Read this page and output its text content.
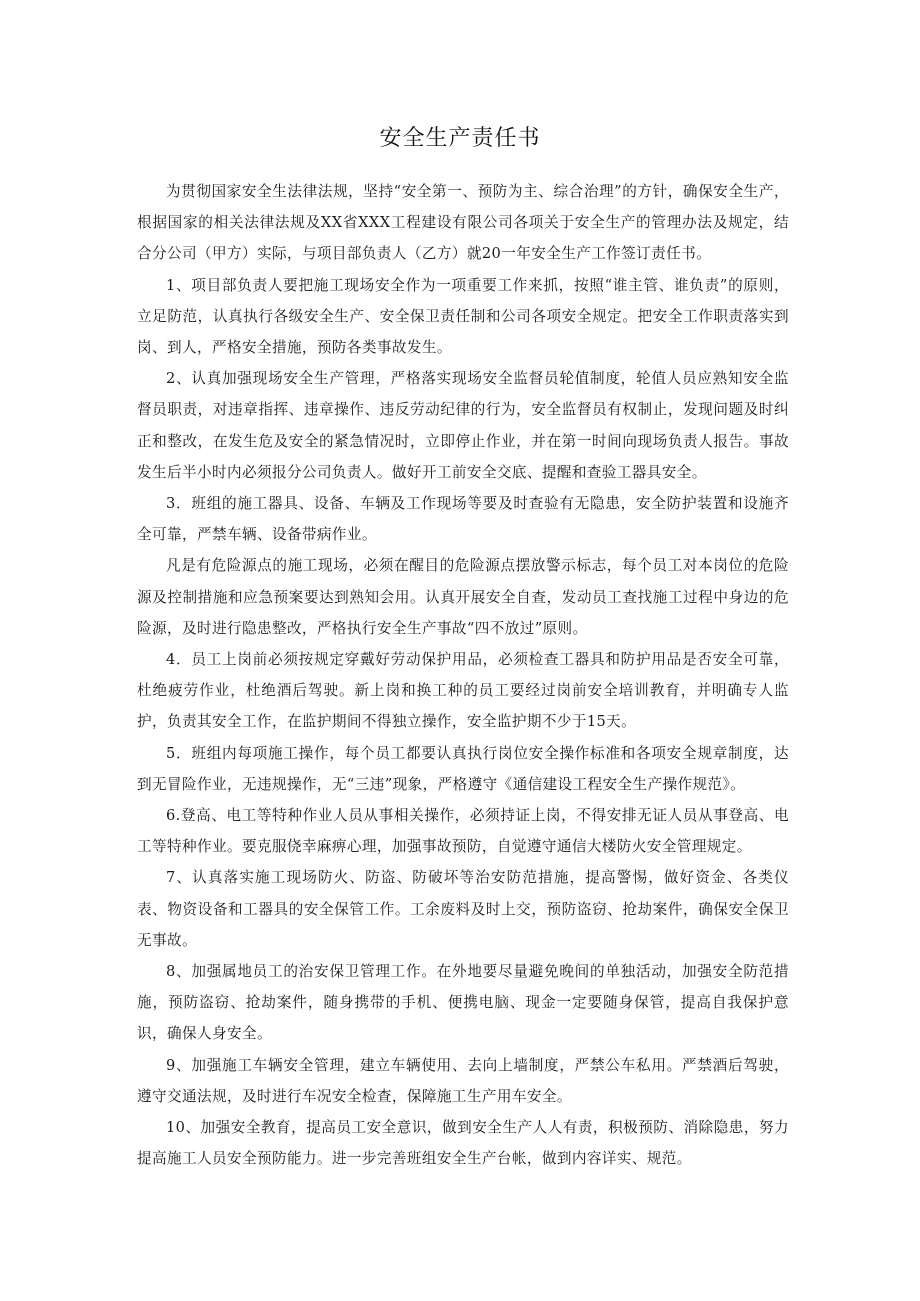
安全生产责任书

为贯彻国家安全生法律法规，坚持“安全第一、预防为主、综合治理”的方针，确保安全生产，根据国家的相关法律法规及XX省XXX工程建设有限公司各项关于安全生产的管理办法及规定，结合分公司（甲方）实际，与项目部负责人（乙方）就20一年安全生产工作签订责任书。

1、项目部负责人要把施工现场安全作为一项重要工作来抓，按照“谁主管、谁负责”的原则，立足防范，认真执行各级安全生产、安全保卫责任制和公司各项安全规定。把安全工作职责落实到岗、到人，严格安全措施，预防各类事故发生。

2、认真加强现场安全生产管理，严格落实现场安全监督员轮值制度，轮值人员应熟知安全监督员职责，对违章指挥、违章操作、违反劳动纪律的行为，安全监督员有权制止，发现问题及时纠正和整改，在发生危及安全的紧急情况时，立即停止作业，并在第一时间向现场负责人报告。事故发生后半小时内必须报分公司负责人。做好开工前安全交底、提醒和查验工器具安全。

3．班组的施工器具、设备、车辆及工作现场等要及时查验有无隐患，安全防护装置和设施齐全可靠，严禁车辆、设备带病作业。

凡是有危险源点的施工现场，必须在醒目的危险源点摆放警示标志，每个员工对本岗位的危险源及控制措施和应急预案要达到熟知会用。认真开展安全自查，发动员工查找施工过程中身边的危险源，及时进行隐患整改，严格执行安全生产事故“四不放过”原则。

4．员工上岗前必须按规定穿戴好劳动保护用品，必须检查工器具和防护用品是否安全可靠，杜绝疲劳作业，杜绝酒后驾驶。新上岗和换工种的员工要经过岗前安全培训教育，并明确专人监护，负责其安全工作，在监护期间不得独立操作，安全监护期不少于15天。

5．班组内每项施工操作，每个员工都要认真执行岗位安全操作标准和各项安全规章制度，达到无冒险作业，无违规操作，无“三违”现象，严格遵守《通信建设工程安全生产操作规范》。

6.登高、电工等特种作业人员从事相关操作，必须持证上岗，不得安排无证人员从事登高、电工等特种作业。要克服侥幸麻痹心理，加强事故预防，自觉遵守通信大楼防火安全管理规定。

7、认真落实施工现场防火、防盗、防破坏等治安防范措施，提高警惕，做好资金、各类仪表、物资设备和工器具的安全保管工作。工余废料及时上交，预防盗窃、抢劫案件，确保安全保卫无事故。

8、加强属地员工的治安保卫管理工作。在外地要尽量避免晚间的单独活动，加强安全防范措施，预防盗窃、抢劫案件，随身携带的手机、便携电脑、现金一定要随身保管，提高自我保护意识，确保人身安全。

9、加强施工车辆安全管理，建立车辆使用、去向上墙制度，严禁公车私用。严禁酒后驾驶，遵守交通法规，及时进行车况安全检查，保障施工生产用车安全。

10、加强安全教育，提高员工安全意识，做到安全生产人人有责，积极预防、消除隐患，努力提高施工人员安全预防能力。进一步完善班组安全生产台帐，做到内容详实、规范。
